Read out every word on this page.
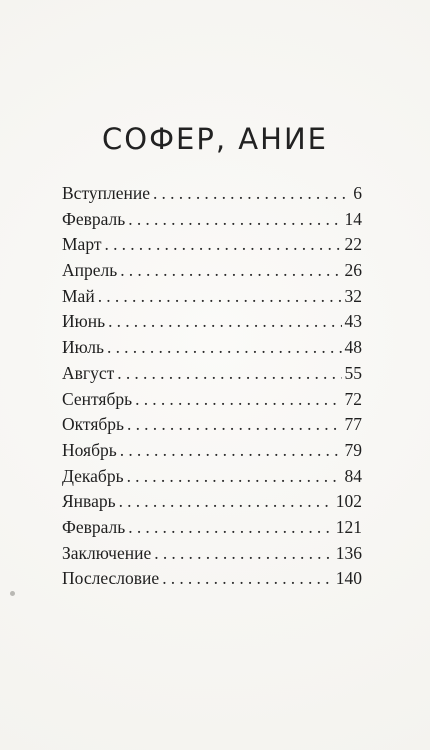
СОФЕР, АНИЕ
Вступление .....	6
Февраль .....	14
Март .....	22
Апрель .....	26
Май .....	32
Июнь .....	43
Июль .....	48
Август .....	55
Сентябрь .....	72
Октябрь .....	77
Ноябрь .....	79
Декабрь .....	84
Январь .....	102
Февраль .....	121
Заключение .....	136
Послесловие .....	140
